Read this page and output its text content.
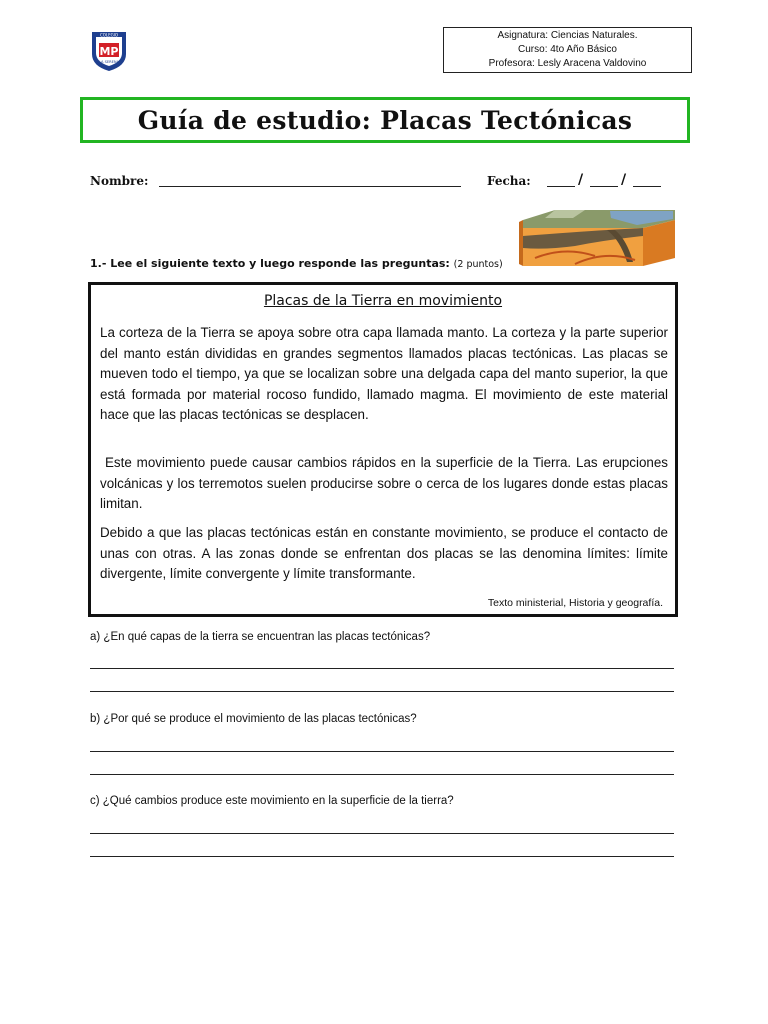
MP
COLEGIO
LA SERENA
Asignatura: Ciencias Naturales.
Curso: 4to Año Básico
Profesora: Lesly Aracena Valdovino
Guía de estudio: Placas Tectónicas
Nombre:	Fecha:	/	/
1.- Lee el siguiente texto y luego responde las preguntas: (2 puntos)
Placas de la Tierra en movimiento
La corteza de la Tierra se apoya sobre otra capa llamada manto. La corteza y la parte superior del manto están divididas en grandes segmentos llamados placas tectónicas. Las placas se mueven todo el tiempo, ya que se localizan sobre una delgada capa del manto superior, la que está formada por material rocoso fundido, llamado magma. El movimiento de este material hace que las placas tectónicas se desplacen.
Este movimiento puede causar cambios rápidos en la superficie de la Tierra. Las erupciones volcánicas y los terremotos suelen producirse sobre o cerca de los lugares donde estas placas limitan.
Debido a que las placas tectónicas están en constante movimiento, se produce el contacto de unas con otras. A las zonas donde se enfrentan dos placas se las denomina límites: límite divergente, límite convergente y límite transformante.
Texto ministerial, Historia y geografía.
a) ¿En qué capas de la tierra se encuentran las placas tectónicas?
b) ¿Por qué se produce el movimiento de las placas tectónicas?
c) ¿Qué cambios produce este movimiento en la superficie de la tierra?
